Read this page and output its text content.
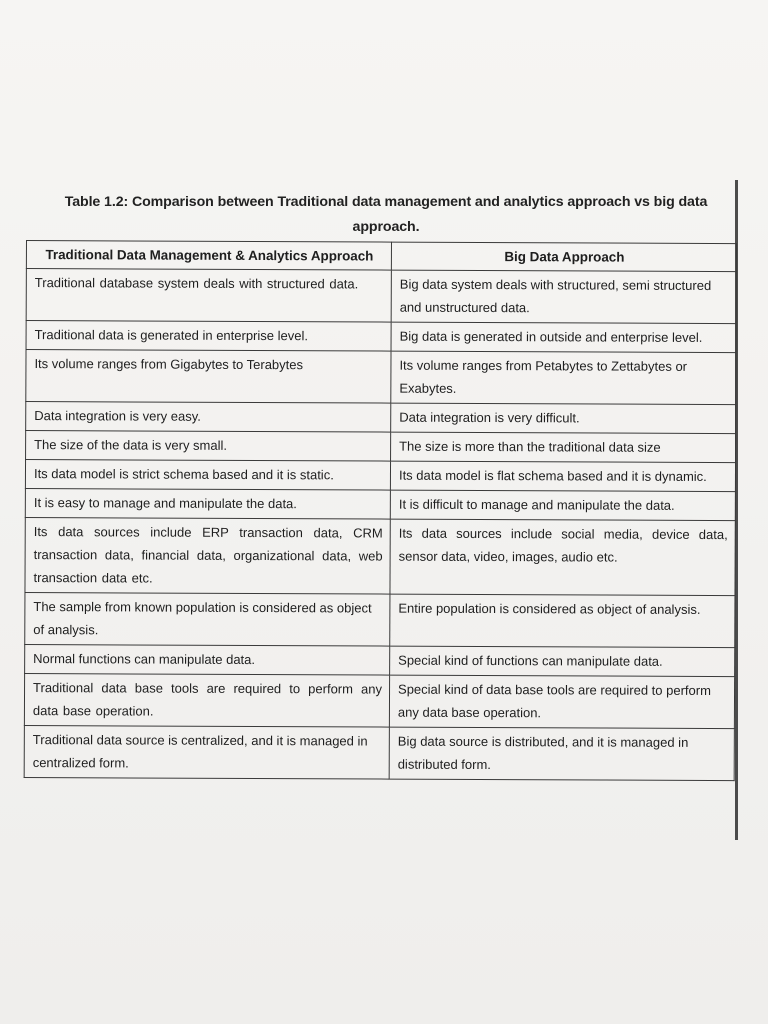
Table 1.2: Comparison between Traditional data management and analytics approach vs big data approach.
Traditional Data Management & Analytics Approach	Big Data Approach
Traditional database system deals with structured data.	Big data system deals with structured, semi structured and unstructured data.
Traditional data is generated in enterprise level.	Big data is generated in outside and enterprise level.
Its volume ranges from Gigabytes to Terabytes	Its volume ranges from Petabytes to Zettabytes or Exabytes.
Data integration is very easy.	Data integration is very difficult.
The size of the data is very small.	The size is more than the traditional data size
Its data model is strict schema based and it is static.	Its data model is flat schema based and it is dynamic.
It is easy to manage and manipulate the data.	It is difficult to manage and manipulate the data.
Its data sources include ERP transaction data, CRM transaction data, financial data, organizational data, web transaction data etc.	Its data sources include social media, device data, sensor data, video, images, audio etc.
The sample from known population is considered as object of analysis.	Entire population is considered as object of analysis.
Normal functions can manipulate data.	Special kind of functions can manipulate data.
Traditional data base tools are required to perform any data base operation.	Special kind of data base tools are required to perform any data base operation.
Traditional data source is centralized, and it is managed in centralized form.	Big data source is distributed, and it is managed in distributed form.
